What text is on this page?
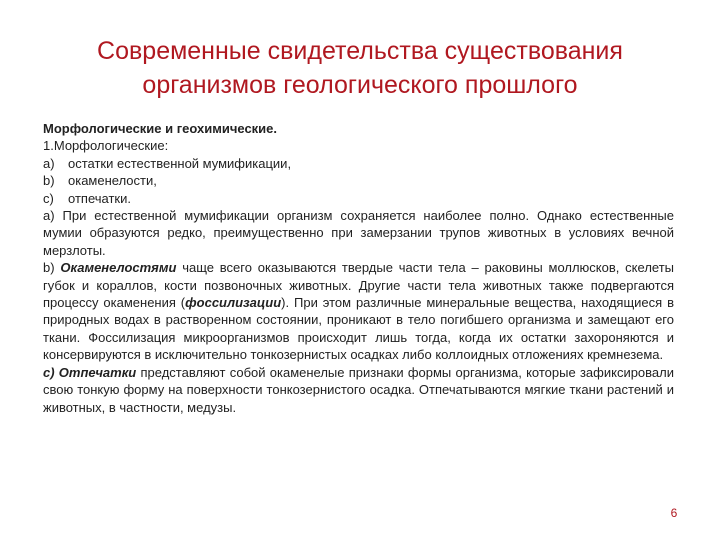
Современные свидетельства существования
организмов геологического прошлого
Морфологические и геохимические.
1.Морфологические:
a)	остатки естественной мумификации,
b)	окаменелости,
c)	отпечатки.
а) При естественной мумификации организм сохраняется наиболее полно. Однако естественные мумии образуются редко, преимущественно при замерзании трупов животных в условиях вечной мерзлоты.
b) Окаменелостями чаще всего оказываются твердые части тела – раковины моллюсков, скелеты губок и кораллов, кости позвоночных животных. Другие части тела животных также подвергаются процессу окаменения (фоссилизации). При этом различные минеральные вещества, находящиеся в природных водах в растворенном состоянии, проникают в тело погибшего организма и замещают его ткани. Фоссилизация микроорганизмов происходит лишь тогда, когда их остатки захороняются и консервируются в исключительно тонкозернистых осадках либо коллоидных отложениях кремнезема.
с) Отпечатки представляют собой окаменелые признаки формы организма, которые зафиксировали свою тонкую форму на поверхности тонкозернистого осадка. Отпечатываются мягкие ткани растений и животных, в частности, медузы.
6
